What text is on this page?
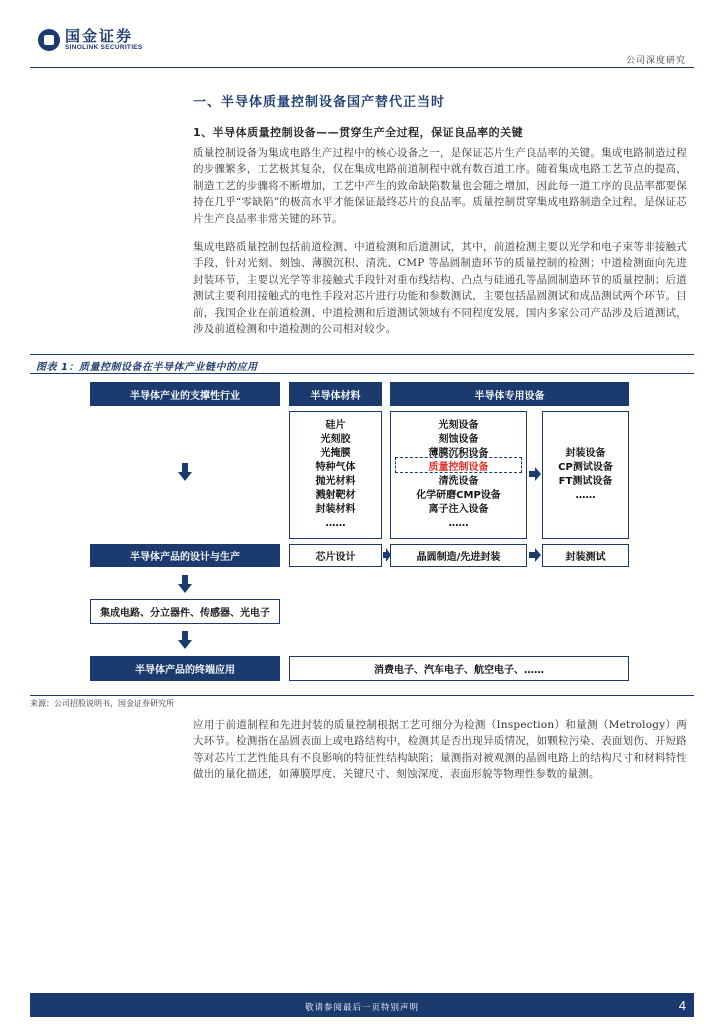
国金证券
SINOLINK SECURITIES
公司深度研究
一、半导体质量控制设备国产替代正当时
1、半导体质量控制设备——贯穿生产全过程，保证良品率的关键

质量控制设备为集成电路生产过程中的核心设备之一，是保证芯片生产良品率的关键。集成电路制造过程的步骤繁多，工艺极其复杂，仅在集成电路前道制程中就有数百道工序。随着集成电路工艺节点的提高，制造工艺的步骤将不断增加，工艺中产生的致命缺陷数量也会随之增加，因此每一道工序的良品率都要保持在几乎“零缺陷”的极高水平才能保证最终芯片的良品率。质量控制贯穿集成电路制造全过程，是保证芯片生产良品率非常关键的环节。

集成电路质量控制包括前道检测、中道检测和后道测试，其中，前道检测主要以光学和电子束等非接触式手段，针对光刻、刻蚀、薄膜沉积、清洗、CMP 等晶圆制造环节的质量控制的检测；中道检测面向先进封装环节，主要以光学等非接触式手段针对重布线结构、凸点与硅通孔等晶圆制造环节的质量控制；后道测试主要利用接触式的电性手段对芯片进行功能和参数测试，主要包括晶圆测试和成品测试两个环节。目前，我国企业在前道检测、中道检测和后道测试领域有不同程度发展，国内多家公司产品涉及后道测试，涉及前道检测和中道检测的公司相对较少。

图表 1：质量控制设备在半导体产业链中的应用
半导体产业的支撑性行业	半导体材料	半导体专用设备
硅片
光刻胶
光掩膜
特种气体
抛光材料
溅射靶材
封装材料
……
光刻设备
刻蚀设备
薄膜沉积设备
质量控制设备
清洗设备
化学研磨CMP设备
离子注入设备
……
封装设备
CP测试设备
FT测试设备
……
半导体产品的设计与生产	芯片设计	晶圆制造/先进封装	封装测试
集成电路、分立器件、传感器、光电子
半导体产品的终端应用	消费电子、汽车电子、航空电子、……
来源：公司招股说明书，国金证券研究所

应用于前道制程和先进封装的质量控制根据工艺可细分为检测（Inspection）和量测（Metrology）两大环节。检测指在晶圆表面上或电路结构中，检测其是否出现异质情况，如颗粒污染、表面划伤、开短路等对芯片工艺性能具有不良影响的特征性结构缺陷；量测指对被观测的晶圆电路上的结构尺寸和材料特性做出的量化描述，如薄膜厚度、关键尺寸、刻蚀深度、表面形貌等物理性参数的量测。

敬请参阅最后一页特别声明	4
